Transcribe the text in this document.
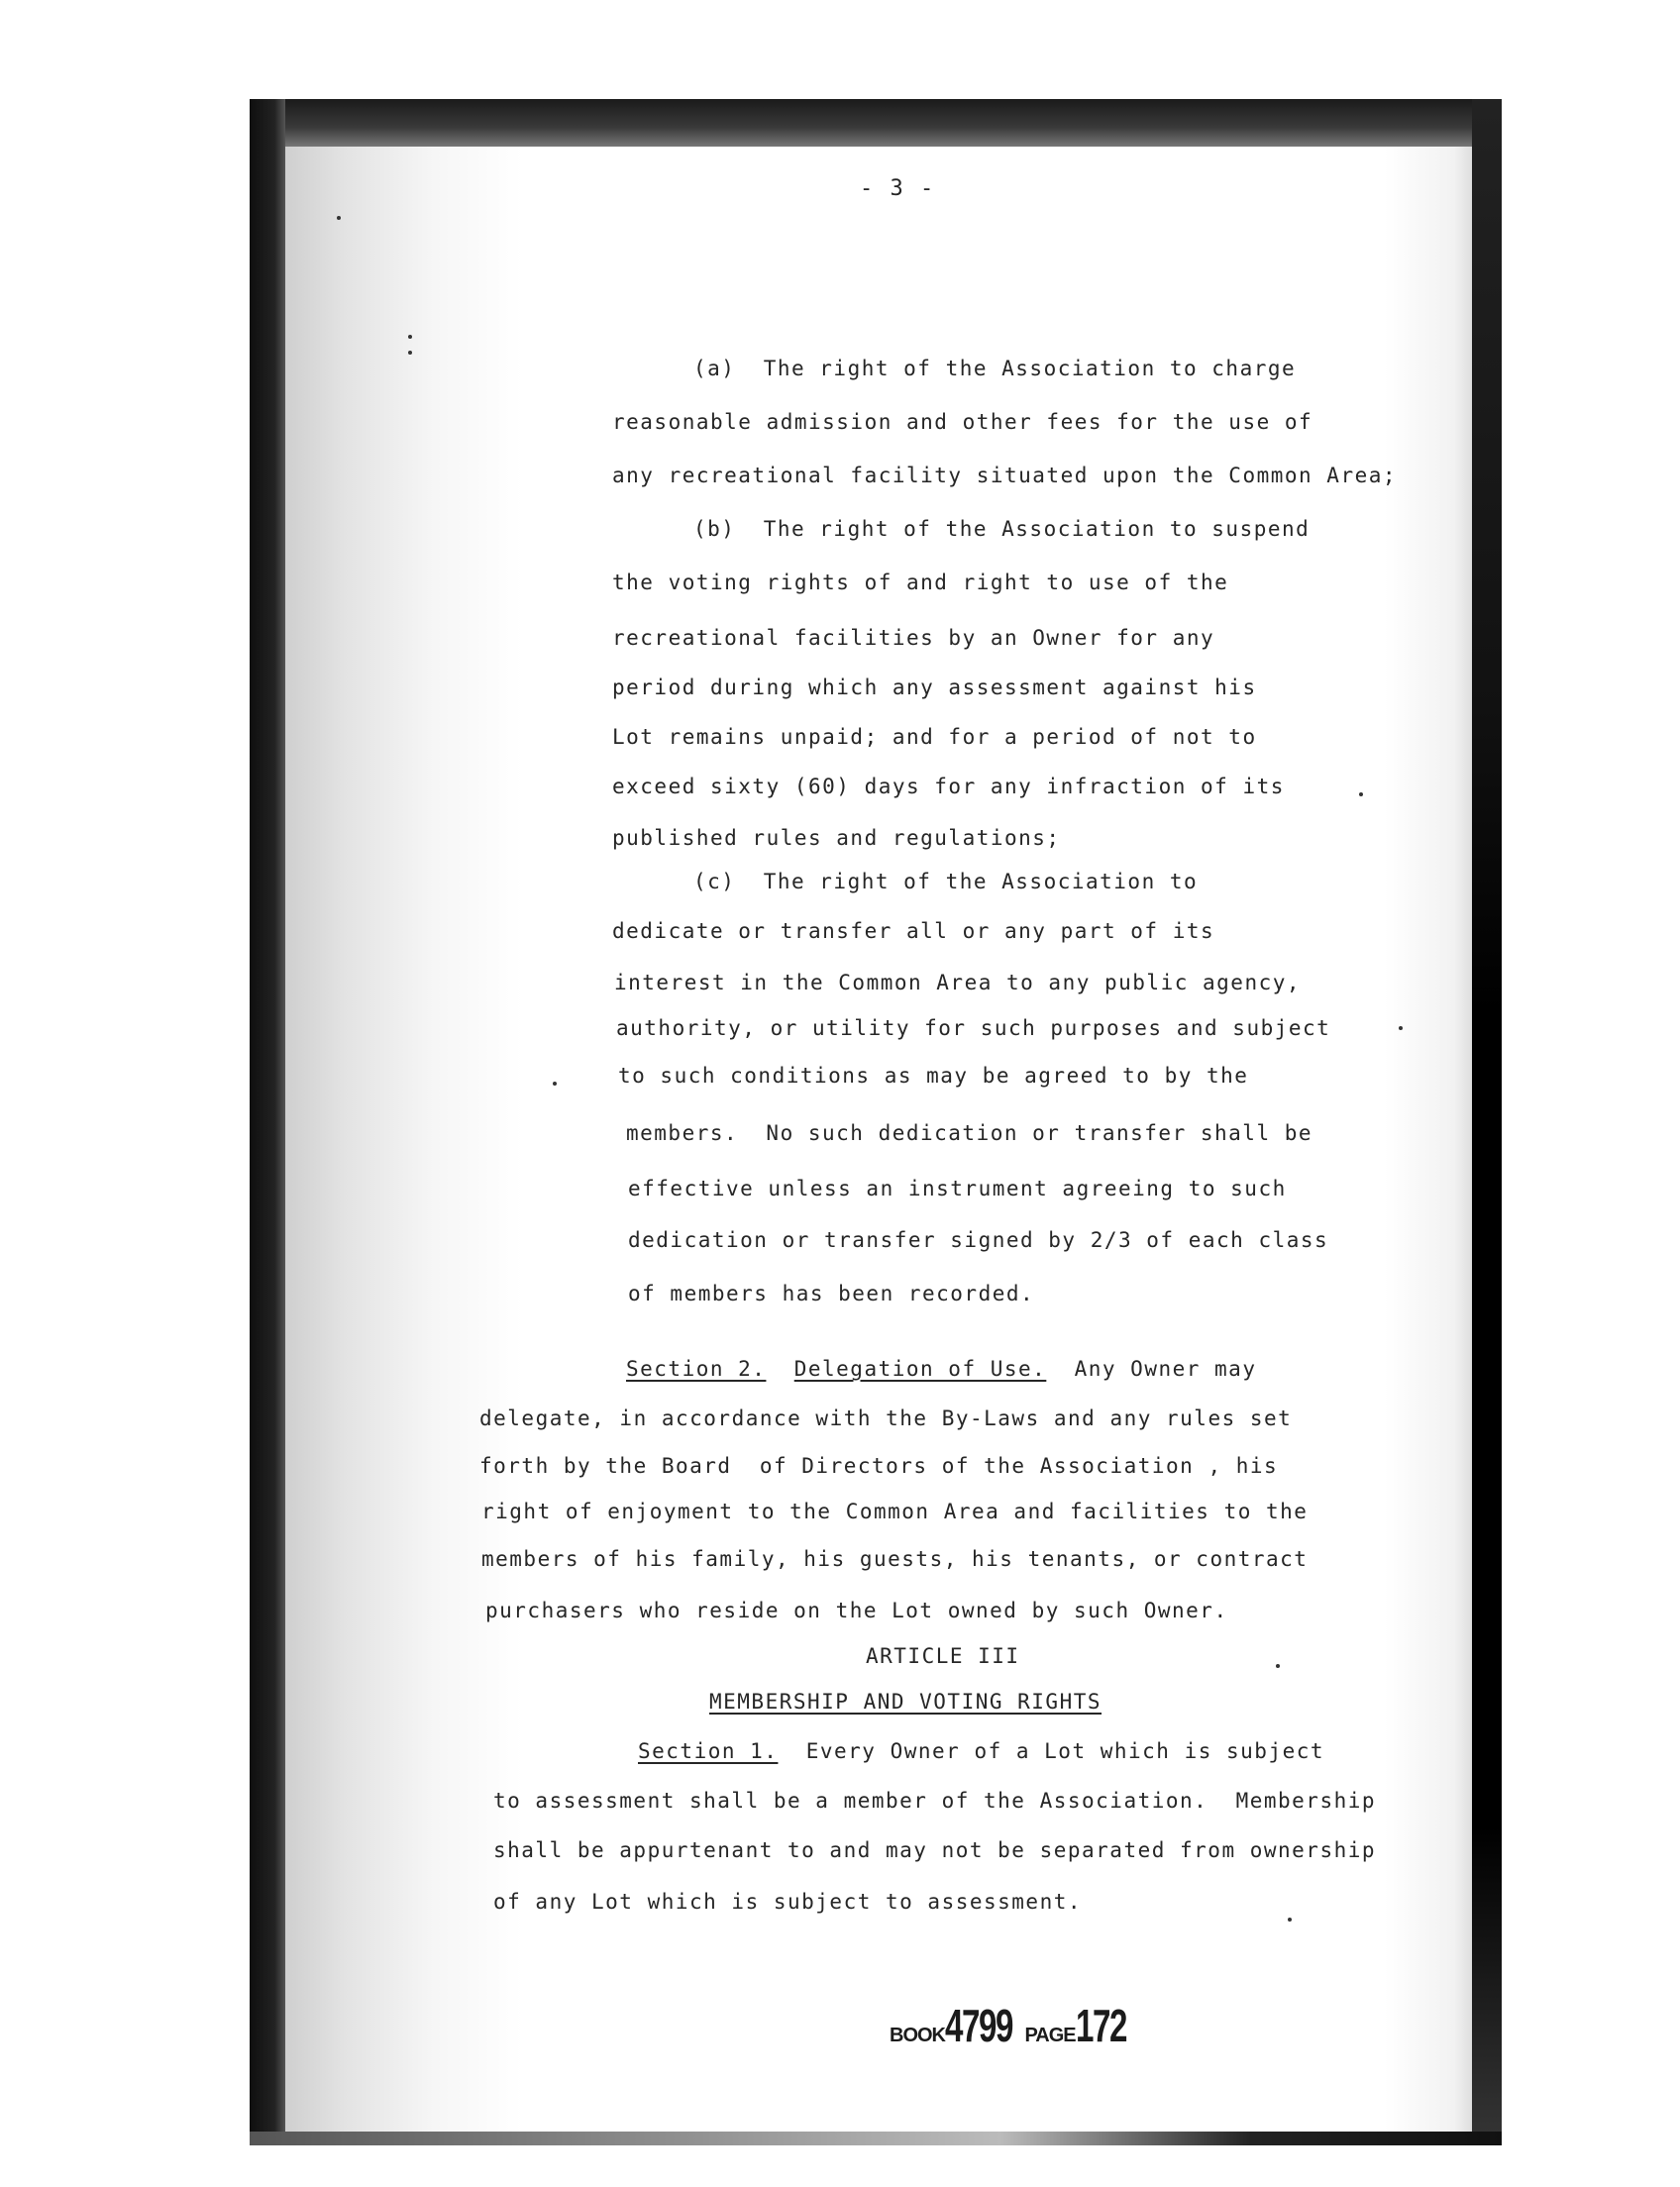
- 3 -
(a)  The right of the Association to charge
reasonable admission and other fees for the use of
any recreational facility situated upon the Common Area;
(b)  The right of the Association to suspend
the voting rights of and right to use of the
recreational facilities by an Owner for any
period during which any assessment against his
Lot remains unpaid; and for a period of not to
exceed sixty (60) days for any infraction of its
published rules and regulations;
(c)  The right of the Association to
dedicate or transfer all or any part of its
interest in the Common Area to any public agency,
authority, or utility for such purposes and subject
to such conditions as may be agreed to by the
members.  No such dedication or transfer shall be
effective unless an instrument agreeing to such
dedication or transfer signed by 2/3 of each class
of members has been recorded.
Section 2. Delegation of Use.  Any Owner may
delegate, in accordance with the By-Laws and any rules set
forth by the Board  of Directors of the Association , his
right of enjoyment to the Common Area and facilities to the
members of his family, his guests, his tenants, or contract
purchasers who reside on the Lot owned by such Owner.
ARTICLE III
MEMBERSHIP AND VOTING RIGHTS
Section 1.  Every Owner of a Lot which is subject
to assessment shall be a member of the Association.  Membership
shall be appurtenant to and may not be separated from ownership
of any Lot which is subject to assessment.
BOOK4799 PAGE172
